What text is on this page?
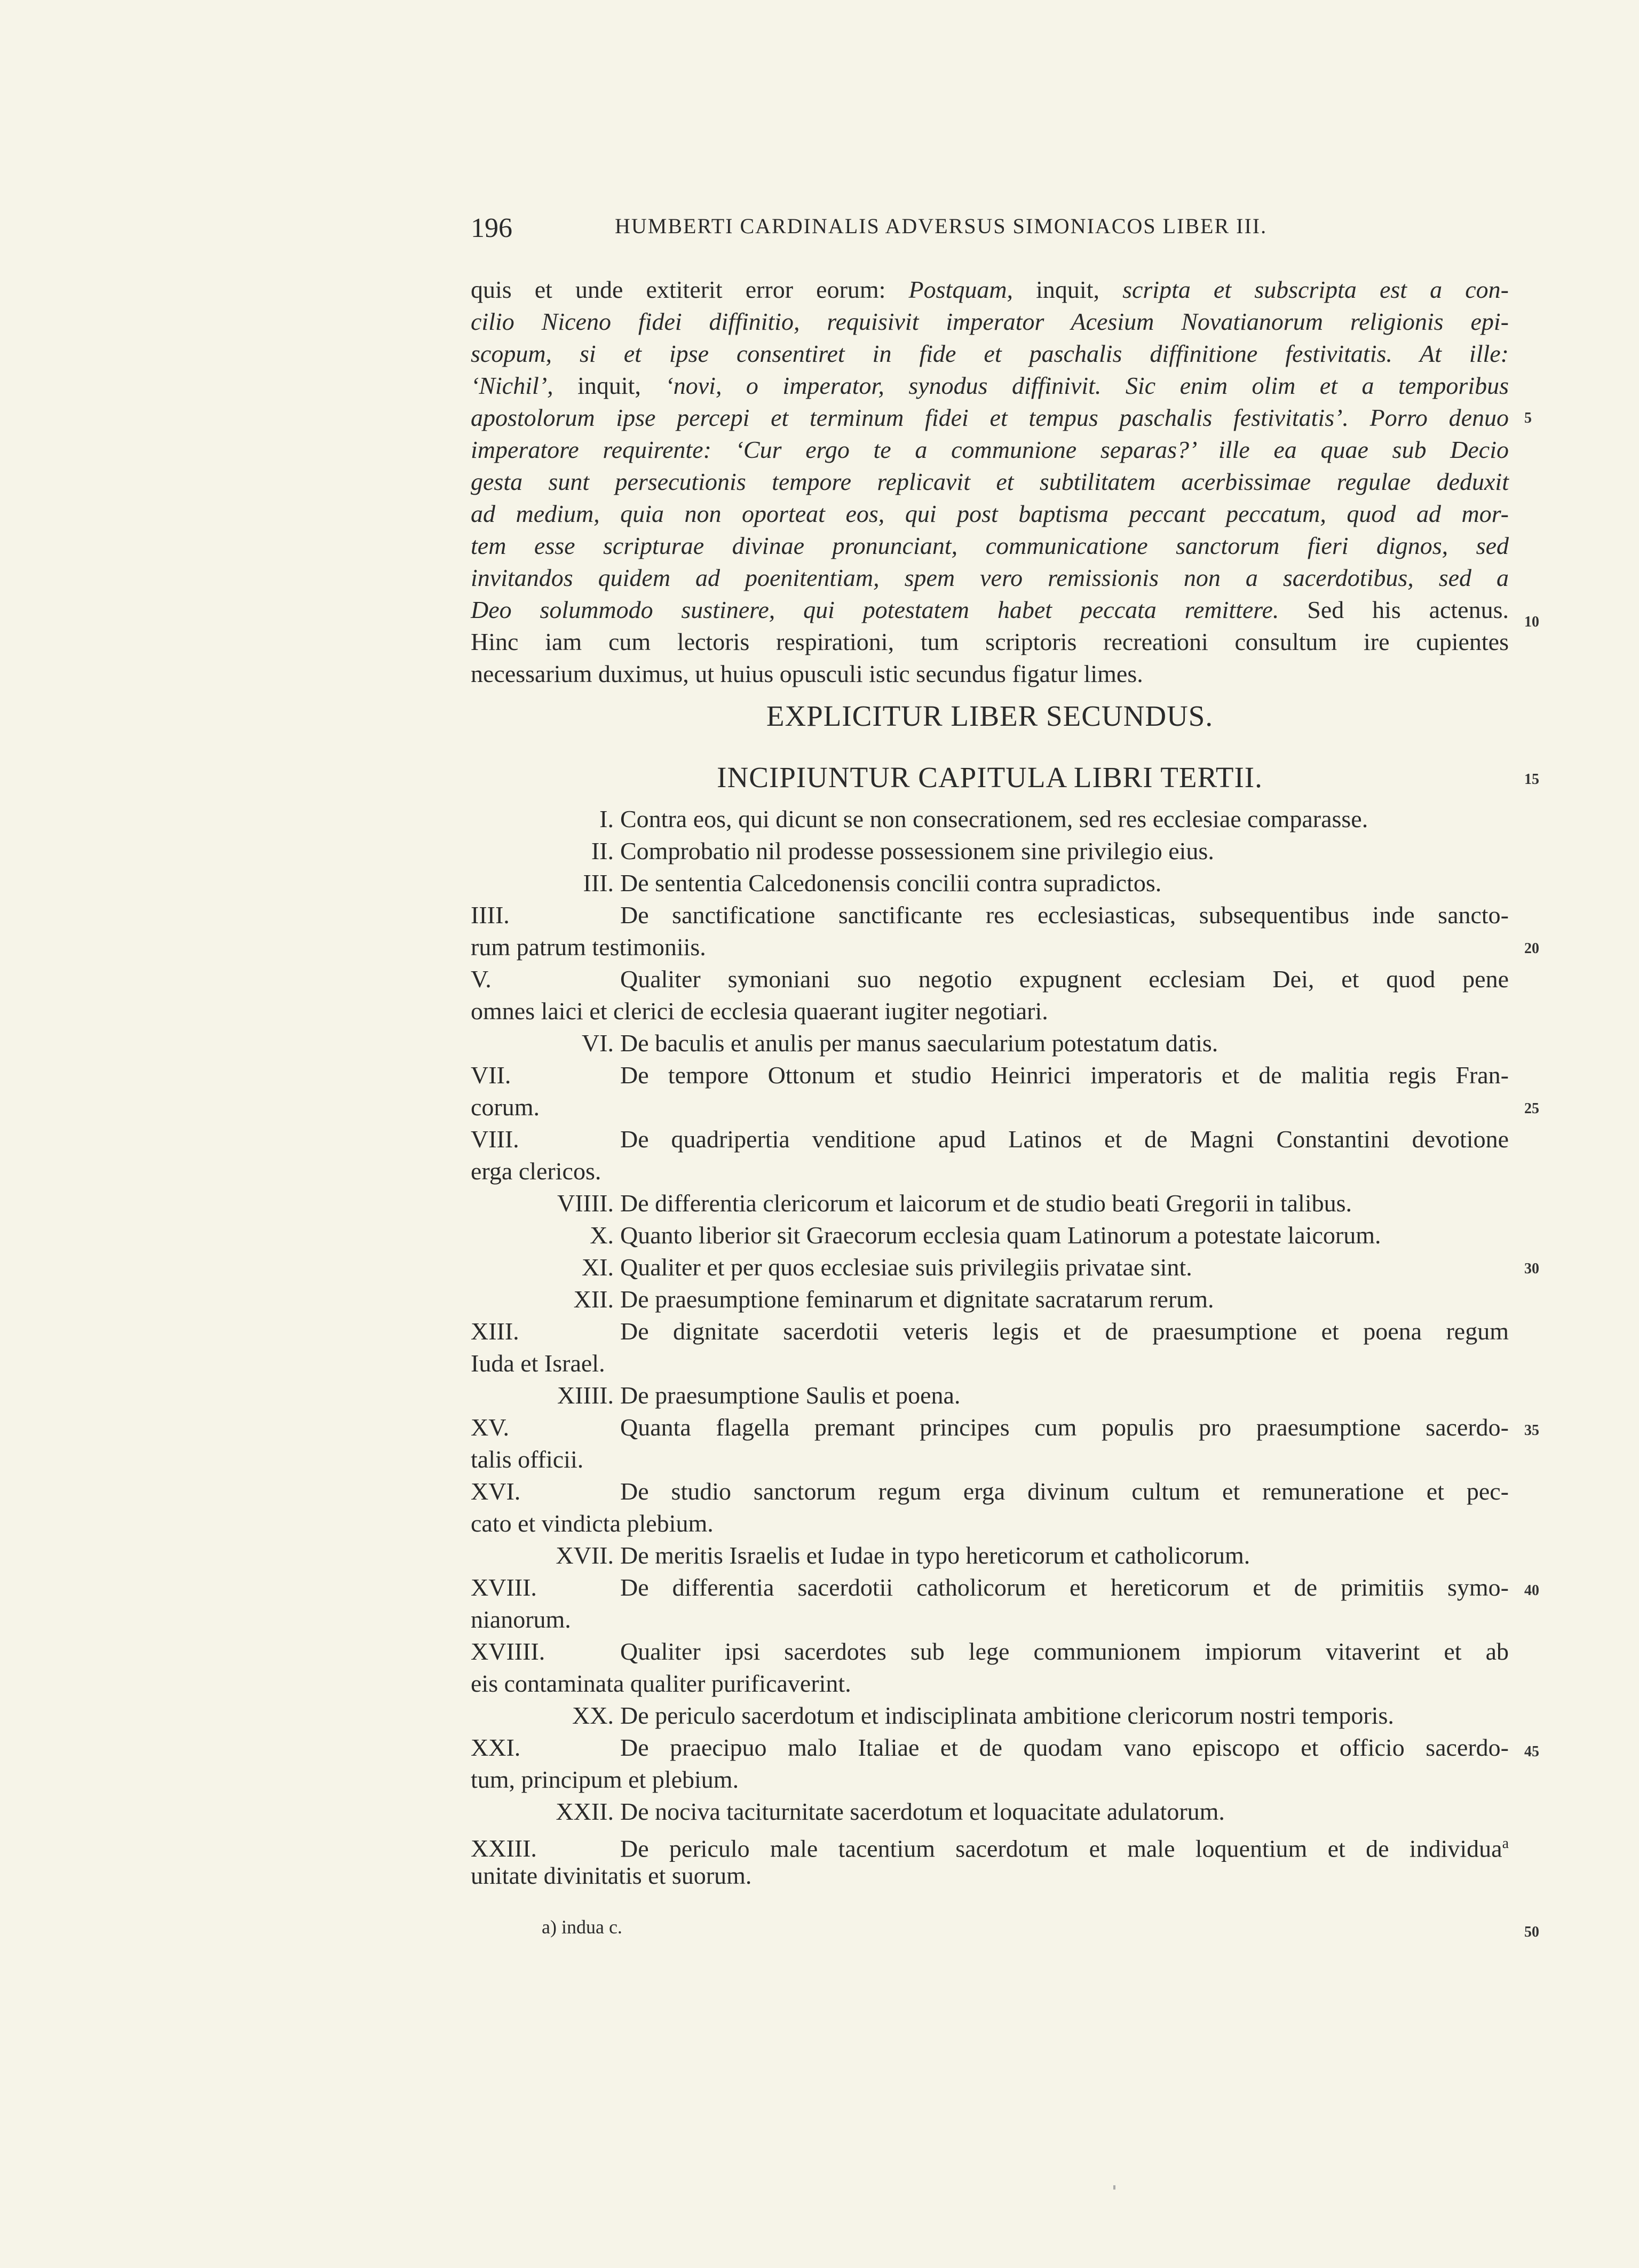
196	HUMBERTI CARDINALIS ADVERSUS SIMONIACOS LIBER III.
quis et unde extiterit error eorum: Postquam, inquit, scripta et subscripta est a con-
cilio Niceno fidei diffinitio, requisivit imperator Acesium Novatianorum religionis epi-
scopum, si et ipse consentiret in fide et paschalis diffinitione festivitatis. At ille:
‘Nichil’, inquit, ‘novi, o imperator, synodus diffinivit. Sic enim olim et a temporibus
apostolorum ipse percepi et terminum fidei et tempus paschalis festivitatis’. Porro denuo
imperatore requirente: ‘Cur ergo te a communione separas?’ ille ea quae sub Decio
gesta sunt persecutionis tempore replicavit et subtilitatem acerbissimae regulae deduxit
ad medium, quia non oporteat eos, qui post baptisma peccant peccatum, quod ad mor-
tem esse scripturae divinae pronunciant, communicatione sanctorum fieri dignos, sed
invitandos quidem ad poenitentiam, spem vero remissionis non a sacerdotibus, sed a
Deo solummodo sustinere, qui potestatem habet peccata remittere. Sed his actenus.
Hinc iam cum lectoris respirationi, tum scriptoris recreationi consultum ire cupientes
necessarium duximus, ut huius opusculi istic secundus figatur limes.
EXPLICITUR LIBER SECUNDUS.
INCIPIUNTUR CAPITULA LIBRI TERTII.
I. Contra eos, qui dicunt se non consecrationem, sed res ecclesiae comparasse.
II. Comprobatio nil prodesse possessionem sine privilegio eius.
III. De sententia Calcedonensis concilii contra supradictos.
IIII.	De sanctificatione sanctificante res ecclesiasticas, subsequentibus inde sancto-
rum patrum testimoniis.
V.	Qualiter symoniani suo negotio expugnent ecclesiam Dei, et quod pene
omnes laici et clerici de ecclesia quaerant iugiter negotiari.
VI. De baculis et anulis per manus saecularium potestatum datis.
VII.	De tempore Ottonum et studio Heinrici imperatoris et de malitia regis Fran-
corum.
VIII.	De quadripertia venditione apud Latinos et de Magni Constantini devotione
erga clericos.
VIIII. De differentia clericorum et laicorum et de studio beati Gregorii in talibus.
X. Quanto liberior sit Graecorum ecclesia quam Latinorum a potestate laicorum.
XI. Qualiter et per quos ecclesiae suis privilegiis privatae sint.
XII. De praesumptione feminarum et dignitate sacratarum rerum.
XIII.	De dignitate sacerdotii veteris legis et de praesumptione et poena regum
Iuda et Israel.
XIIII. De praesumptione Saulis et poena.
XV.	Quanta flagella premant principes cum populis pro praesumptione sacerdo-
talis officii.
XVI.	De studio sanctorum regum erga divinum cultum et remuneratione et pec-
cato et vindicta plebium.
XVII. De meritis Israelis et Iudae in typo hereticorum et catholicorum.
XVIII.	De differentia sacerdotii catholicorum et hereticorum et de primitiis symo-
nianorum.
XVIIII.	Qualiter ipsi sacerdotes sub lege communionem impiorum vitaverint et ab
eis contaminata qualiter purificaverint.
XX. De periculo sacerdotum et indisciplinata ambitione clericorum nostri temporis.
XXI.	De praecipuo malo Italiae et de quodam vano episcopo et officio sacerdo-
tum, principum et plebium.
XXII. De nociva taciturnitate sacerdotum et loquacitate adulatorum.
XXIII.	De periculo male tacentium sacerdotum et male loquentium et de individua$^a$
unitate divinitatis et suorum.
5
10
15
20
25
30
35
40
45
50
a) indua c.
